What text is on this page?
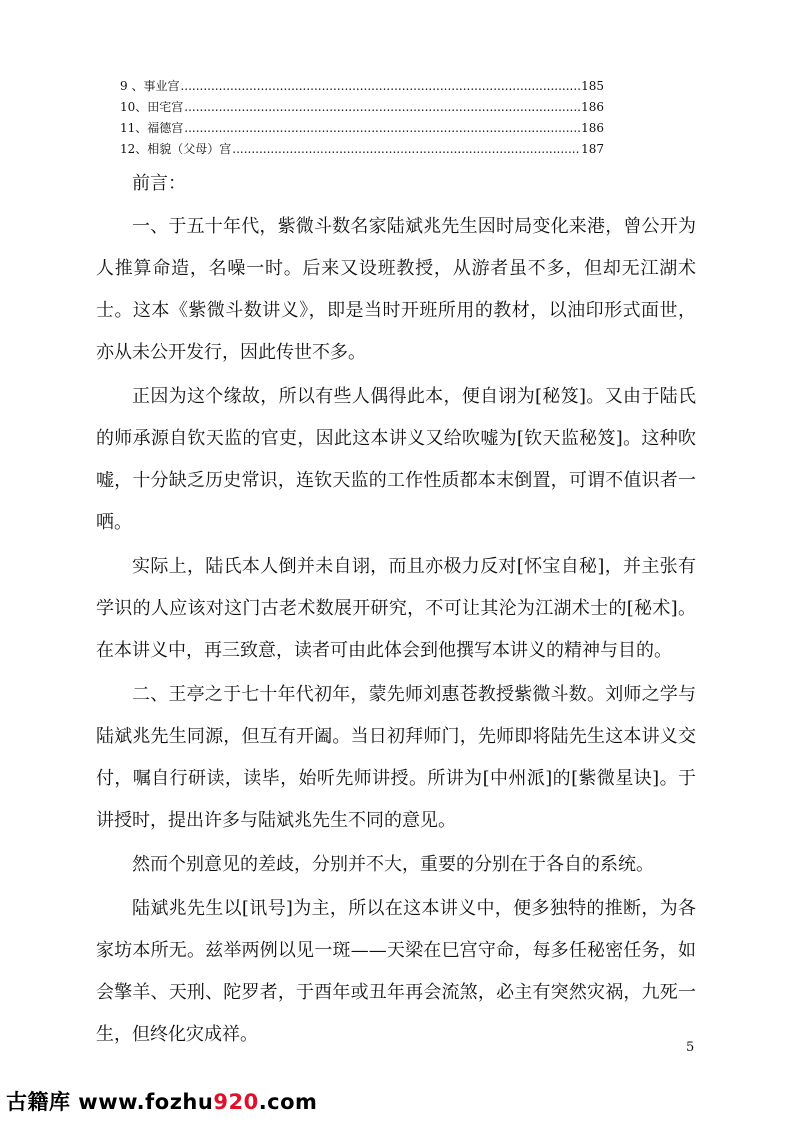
9 、事业宫 .....	185
10、田宅宫 .....	186
11、福德宫 .....	186
12、相貌（父母）宫 .....	187
前言：

一、于五十年代，紫微斗数名家陆斌兆先生因时局变化来港，曾公开为人推算命造，名噪一时。后来又设班教授，从游者虽不多，但却无江湖术士。这本《紫微斗数讲义》，即是当时开班所用的教材，以油印形式面世，亦从未公开发行，因此传世不多。

正因为这个缘故，所以有些人偶得此本，便自诩为[秘笈]。又由于陆氏的师承源自钦天监的官吏，因此这本讲义又给吹嘘为[钦天监秘笈]。这种吹嘘，十分缺乏历史常识，连钦天监的工作性质都本末倒置，可谓不值识者一哂。

实际上，陆氏本人倒并未自诩，而且亦极力反对[怀宝自秘]，并主张有学识的人应该对这门古老术数展开研究，不可让其沦为江湖术士的[秘术]。在本讲义中，再三致意，读者可由此体会到他撰写本讲义的精神与目的。

二、王亭之于七十年代初年，蒙先师刘惠苍教授紫微斗数。刘师之学与陆斌兆先生同源，但互有开阖。当日初拜师门，先师即将陆先生这本讲义交付，嘱自行研读，读毕，始听先师讲授。所讲为[中州派]的[紫微星诀]。于讲授时，提出许多与陆斌兆先生不同的意见。

然而个别意见的差歧，分别并不大，重要的分别在于各自的系统。

陆斌兆先生以[讯号]为主，所以在这本讲义中，便多独特的推断，为各家坊本所无。兹举两例以见一斑——天梁在巳宫守命，每多任秘密任务，如会擎羊、天刑、陀罗者，于酉年或丑年再会流煞，必主有突然灾祸，九死一生，但终化灾成祥。

5
古籍库 www.fozhu920.com
